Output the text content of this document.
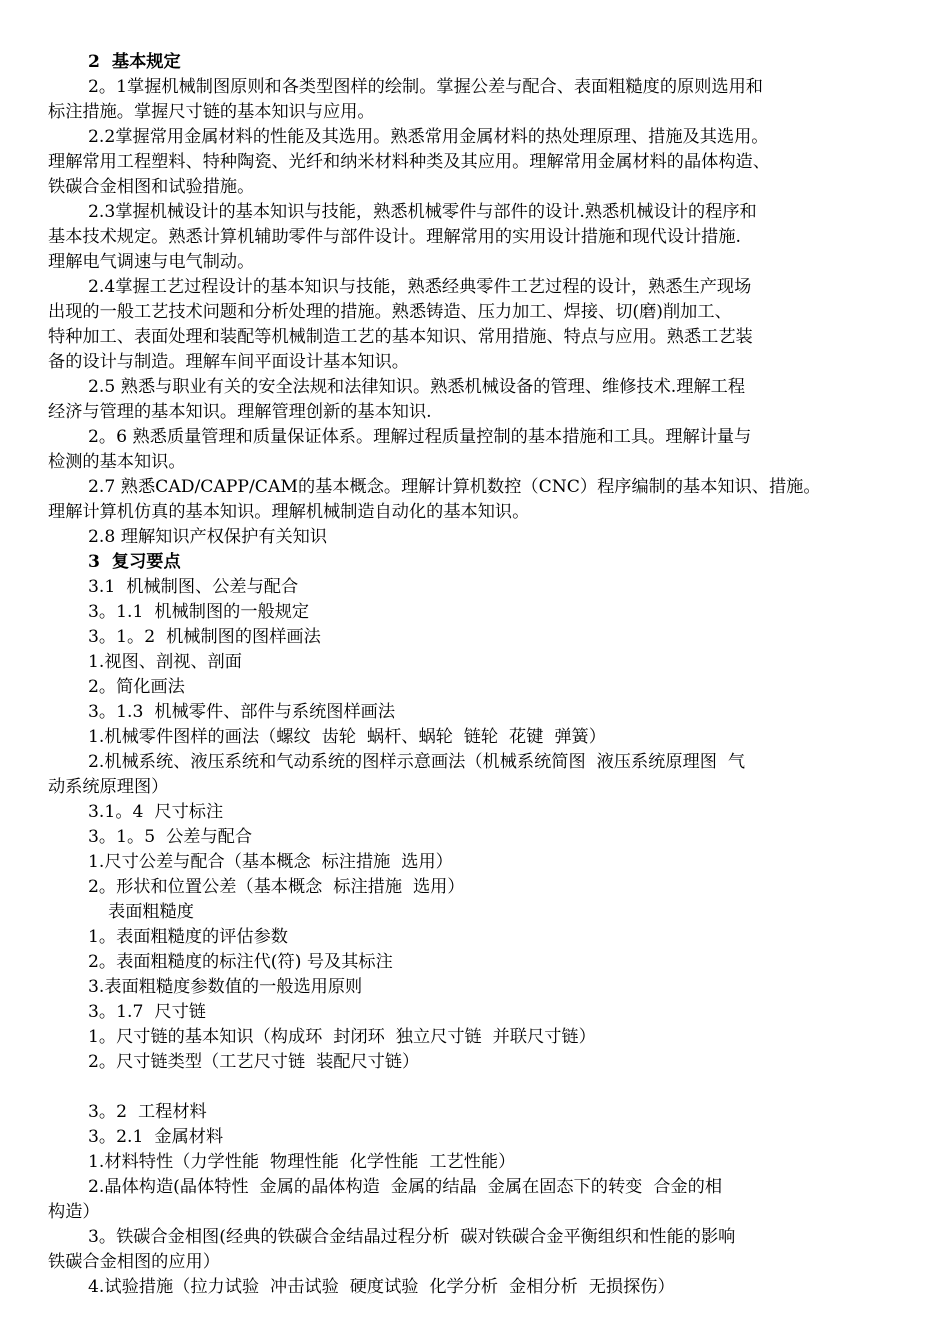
2  基本规定
2。1掌握机械制图原则和各类型图样的绘制。掌握公差与配合、表面粗糙度的原则选用和
标注措施。掌握尺寸链的基本知识与应用。
2.2掌握常用金属材料的性能及其选用。熟悉常用金属材料的热处理原理、措施及其选用。
理解常用工程塑料、特种陶瓷、光纤和纳米材料种类及其应用。理解常用金属材料的晶体构造、
铁碳合金相图和试验措施。
2.3掌握机械设计的基本知识与技能，熟悉机械零件与部件的设计.熟悉机械设计的程序和
基本技术规定。熟悉计算机辅助零件与部件设计。理解常用的实用设计措施和现代设计措施.
理解电气调速与电气制动。
2.4掌握工艺过程设计的基本知识与技能，熟悉经典零件工艺过程的设计，熟悉生产现场
出现的一般工艺技术问题和分析处理的措施。熟悉铸造、压力加工、焊接、切(磨)削加工、
特种加工、表面处理和装配等机械制造工艺的基本知识、常用措施、特点与应用。熟悉工艺装
备的设计与制造。理解车间平面设计基本知识。
2.5 熟悉与职业有关的安全法规和法律知识。熟悉机械设备的管理、维修技术.理解工程
经济与管理的基本知识。理解管理创新的基本知识.
2。6 熟悉质量管理和质量保证体系。理解过程质量控制的基本措施和工具。理解计量与
检测的基本知识。
2.7 熟悉CAD/CAPP/CAM的基本概念。理解计算机数控（CNC）程序编制的基本知识、措施。
理解计算机仿真的基本知识。理解机械制造自动化的基本知识。
2.8 理解知识产权保护有关知识
3  复习要点
3.1  机械制图、公差与配合
3。1.1  机械制图的一般规定
3。1。2  机械制图的图样画法
1.视图、剖视、剖面
2。简化画法
3。1.3  机械零件、部件与系统图样画法
1.机械零件图样的画法（螺纹  齿轮  蜗杆、蜗轮  链轮  花键  弹簧）
2.机械系统、液压系统和气动系统的图样示意画法（机械系统简图  液压系统原理图  气
动系统原理图）
3.1。4  尺寸标注
3。1。5  公差与配合
1.尺寸公差与配合（基本概念  标注措施  选用）
2。形状和位置公差（基本概念  标注措施  选用）
表面粗糙度
1。表面粗糙度的评估参数
2。表面粗糙度的标注代(符) 号及其标注
3.表面粗糙度参数值的一般选用原则
3。1.7  尺寸链
1。尺寸链的基本知识（构成环  封闭环  独立尺寸链  并联尺寸链）
2。尺寸链类型（工艺尺寸链  装配尺寸链）
3。2  工程材料
3。2.1  金属材料
1.材料特性（力学性能  物理性能  化学性能  工艺性能）
2.晶体构造(晶体特性  金属的晶体构造  金属的结晶  金属在固态下的转变  合金的相
构造）
3。铁碳合金相图(经典的铁碳合金结晶过程分析  碳对铁碳合金平衡组织和性能的影响
铁碳合金相图的应用）
4.试验措施（拉力试验  冲击试验  硬度试验  化学分析  金相分析  无损探伤）
